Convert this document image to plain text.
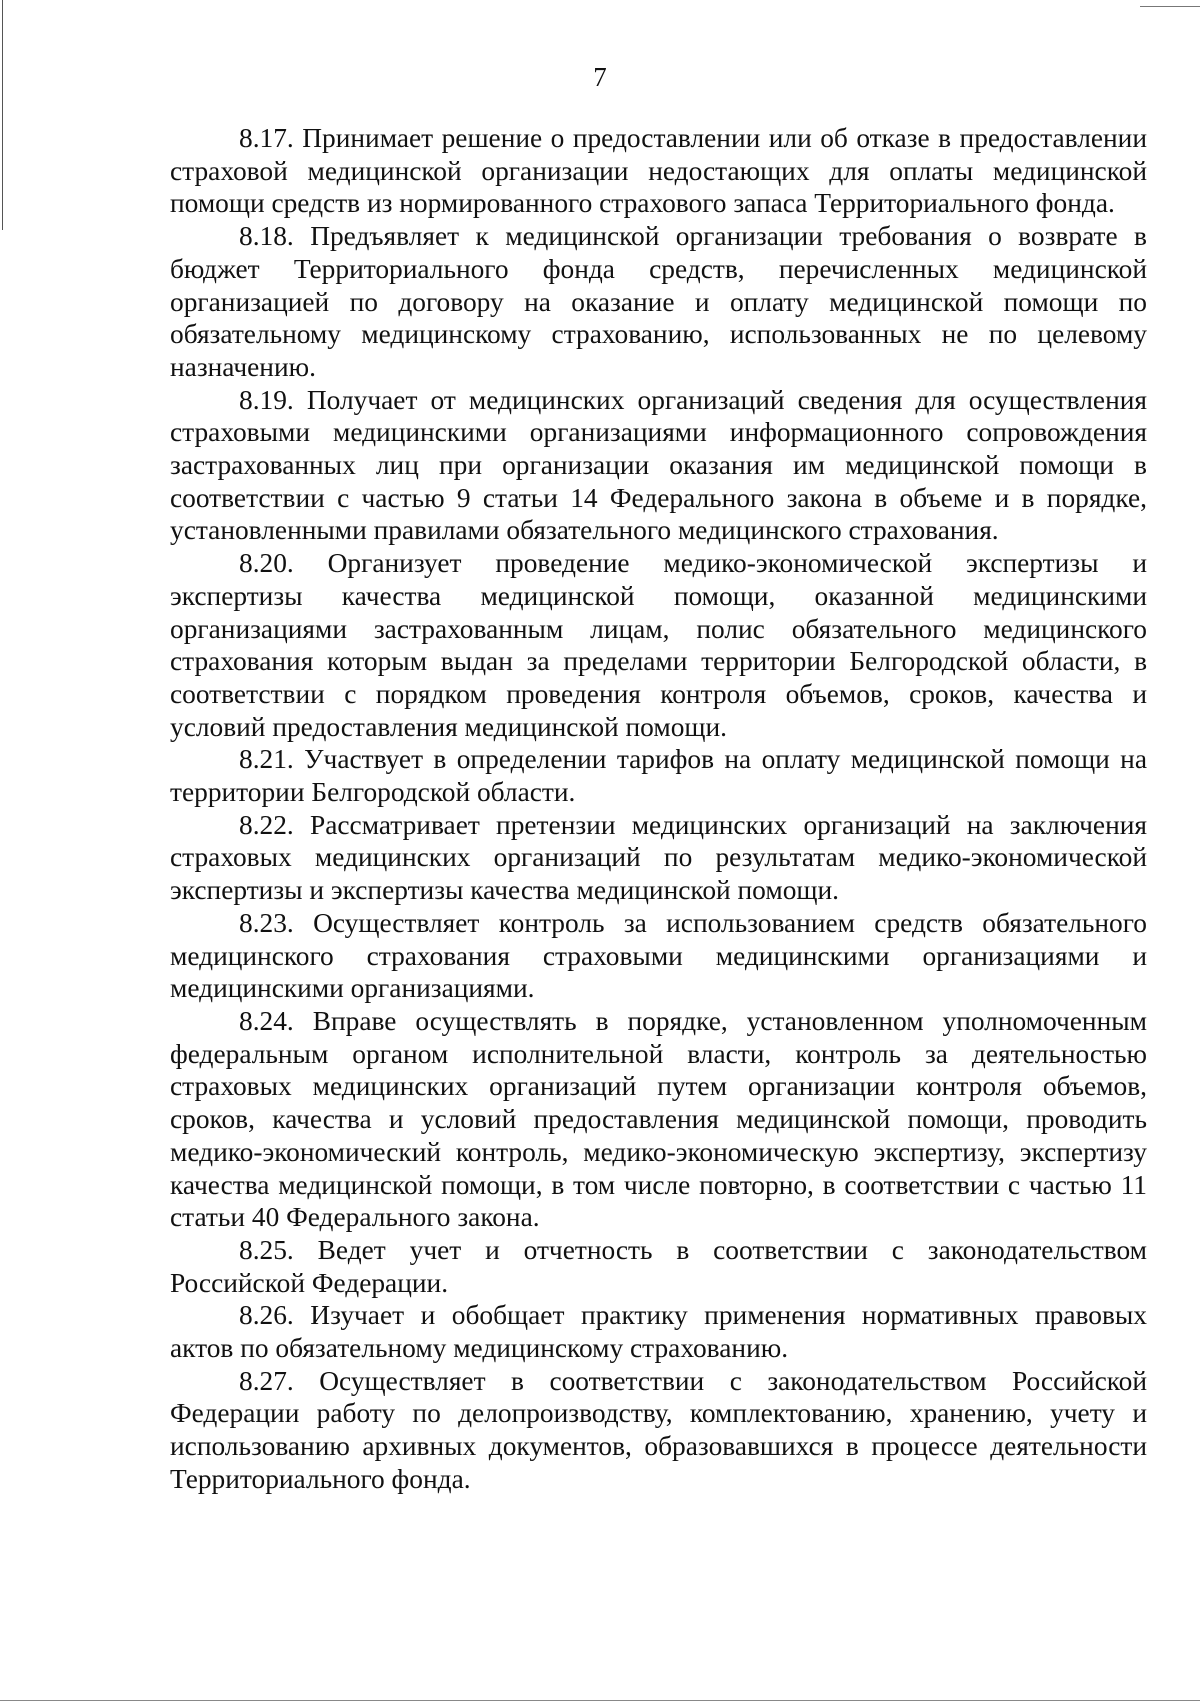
7

8.17. Принимает решение о предоставлении или об отказе в предоставлении страховой медицинской организации недостающих для оплаты медицинской помощи средств из нормированного страхового запаса Территориального фонда.

8.18. Предъявляет к медицинской организации требования о возврате в бюджет Территориального фонда средств, перечисленных медицинской организацией по договору на оказание и оплату медицинской помощи по обязательному медицинскому страхованию, использованных не по целевому назначению.

8.19. Получает от медицинских организаций сведения для осуществления страховыми медицинскими организациями информационного сопровождения застрахованных лиц при организации оказания им медицинской помощи в соответствии с частью 9 статьи 14 Федерального закона в объеме и в порядке, установленными правилами обязательного медицинского страхования.

8.20. Организует проведение медико-экономической экспертизы и экспертизы качества медицинской помощи, оказанной медицинскими организациями застрахованным лицам, полис обязательного медицинского страхования которым выдан за пределами территории Белгородской области, в соответствии с порядком проведения контроля объемов, сроков, качества и условий предоставления медицинской помощи.

8.21. Участвует в определении тарифов на оплату медицинской помощи на территории Белгородской области.

8.22. Рассматривает претензии медицинских организаций на заключения страховых медицинских организаций по результатам медико-экономической экспертизы и экспертизы качества медицинской помощи.

8.23. Осуществляет контроль за использованием средств обязательного медицинского страхования страховыми медицинскими организациями и медицинскими организациями.

8.24. Вправе осуществлять в порядке, установленном уполномоченным федеральным органом исполнительной власти, контроль за деятельностью страховых медицинских организаций путем организации контроля объемов, сроков, качества и условий предоставления медицинской помощи, проводить медико-экономический контроль, медико-экономическую экспертизу, экспертизу качества медицинской помощи, в том числе повторно, в соответствии с частью 11 статьи 40 Федерального закона.

8.25. Ведет учет и отчетность в соответствии с законодательством Российской Федерации.

8.26. Изучает и обобщает практику применения нормативных правовых актов по обязательному медицинскому страхованию.

8.27. Осуществляет в соответствии с законодательством Российской Федерации работу по делопроизводству, комплектованию, хранению, учету и использованию архивных документов, образовавшихся в процессе деятельности Территориального фонда.
